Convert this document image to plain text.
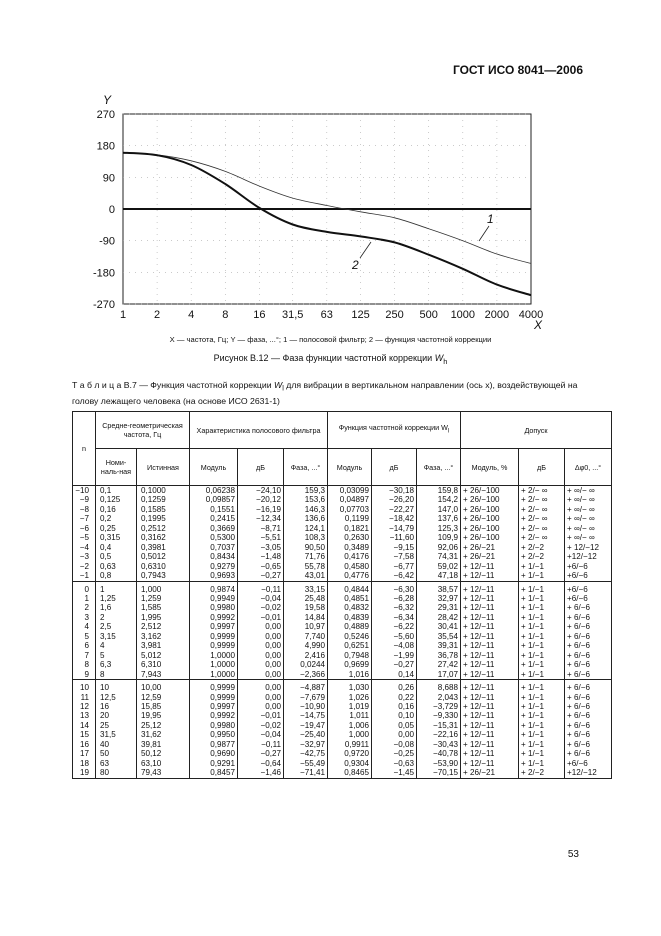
ГОСТ ИСО 8041—2006
270
180
90
0
-90
-180
-270
1	2	4	8 16 31,5 63 125 250 500 1000 2000 4000
Y
X
1
2
X — частота, Гц; Y — фаза, ...°; 1 — полосовой фильтр; 2 — функция частотной коррекции
Рисунок В.12 — Фаза функции частотной коррекции $W_h$
Т а б л и ц а В.7 — Функция частотной коррекции $W_l$ для вибрации в вертикальном направлении (ось x), воздействующей на голову лежащего человека (на основе ИСО 2631-1)
n	Средне-геометрическая частота, Гц		Характеристика полосового фильтра			Функция частотной коррекции $W_l$			Допуск		
	Номи-наль-ная	Истинная	Модуль	дБ	Фаза, ...°	Модуль	дБ	Фаза, ...°	Модуль, %	дБ	Δφ0, ...°
−10	0,1	0,1000	0,06238	−24,10	159,3	0,03099	−30,18	159,8	+ 26/−100	+ 2/− ∞	+ ∞/− ∞
−9	0,125	0,1259	0,09857	−20,12	153,6	0,04897	−26,20	154,2	+ 26/−100	+ 2/− ∞	+ ∞/− ∞
−8	0,16	0,1585	0,1551	−16,19	146,3	0,07703	−22,27	147,0	+ 26/−100	+ 2/− ∞	+ ∞/− ∞
−7	0,2	0,1995	0,2415	−12,34	136,6	0,1199	−18,42	137,6	+ 26/−100	+ 2/− ∞	+ ∞/− ∞
−6	0,25	0,2512	0,3669	−8,71	124,1	0,1821	−14,79	125,3	+ 26/−100	+ 2/− ∞	+ ∞/− ∞
−5	0,315	0,3162	0,5300	−5,51	108,3	0,2630	−11,60	109,9	+ 26/−100	+ 2/− ∞	+ ∞/− ∞
−4	0,4	0,3981	0,7037	−3,05	90,50	0,3489	−9,15	92,06	+ 26/−21	+ 2/−2	+ 12/−12
−3	0,5	0,5012	0,8434	−1,48	71,76	0,4176	−7,58	74,31	+ 26/−21	+ 2/−2	+12/−12
−2	0,63	0,6310	0,9279	−0,65	55,78	0,4580	−6,77	59,02	+ 12/−11	+ 1/−1	+6/−6
−1	0,8	0,7943	0,9693	−0,27	43,01	0,4776	−6,42	47,18	+ 12/−11	+ 1/−1	+6/−6
0	1	1,000	0,9874	−0,11	33,15	0,4844	−6,30	38,57	+ 12/−11	+ 1/−1	+6/−6
1	1,25	1,259	0,9949	−0,04	25,48	0,4851	−6,28	32,97	+ 12/−11	+ 1/−1	+6/−6
2	1,6	1,585	0,9980	−0,02	19,58	0,4832	−6,32	29,31	+ 12/−11	+ 1/−1	+ 6/−6
3	2	1,995	0,9992	−0,01	14,84	0,4839	−6,34	28,42	+ 12/−11	+ 1/−1	+ 6/−6
4	2,5	2,512	0,9997	0,00	10,97	0,4889	−6,22	30,41	+ 12/−11	+ 1/−1	+ 6/−6
5	3,15	3,162	0,9999	0,00	7,740	0,5246	−5,60	35,54	+ 12/−11	+ 1/−1	+ 6/−6
6	4	3,981	0,9999	0,00	4,990	0,6251	−4,08	39,31	+ 12/−11	+ 1/−1	+ 6/−6
7	5	5,012	1,0000	0,00	2,416	0,7948	−1,99	36,78	+ 12/−11	+ 1/−1	+ 6/−6
8	6,3	6,310	1,0000	0,00	0,0244	0,9699	−0,27	27,42	+ 12/−11	+ 1/−1	+ 6/−6
9	8	7,943	1,0000	0,00	−2,366	1,016	0,14	17,07	+ 12/−11	+ 1/−1	+ 6/−6
10	10	10,00	0,9999	0,00	−4,887	1,030	0,26	8,688	+ 12/−11	+ 1/−1	+ 6/−6
11	12,5	12,59	0,9999	0,00	−7,679	1,026	0,22	2,043	+ 12/−11	+ 1/−1	+ 6/−6
12	16	15,85	0,9997	0,00	−10,90	1,019	0,16	−3,729	+ 12/−11	+ 1/−1	+ 6/−6
13	20	19,95	0,9992	−0,01	−14,75	1,011	0,10	−9,330	+ 12/−11	+ 1/−1	+ 6/−6
14	25	25,12	0,9980	−0,02	−19,47	1,006	0,05	−15,31	+ 12/−11	+ 1/−1	+ 6/−6
15	31,5	31,62	0,9950	−0,04	−25,40	1,000	0,00	−22,16	+ 12/−11	+ 1/−1	+ 6/−6
16	40	39,81	0,9877	−0,11	−32,97	0,9911	−0,08	−30,43	+ 12/−11	+ 1/−1	+ 6/−6
17	50	50,12	0,9690	−0,27	−42,75	0,9720	−0,25	−40,78	+ 12/−11	+ 1/−1	+ 6/−6
18	63	63,10	0,9291	−0,64	−55,49	0,9304	−0,63	−53,90	+ 12/−11	+ 1/−1	+6/−6
19	80	79,43	0,8457	−1,46	−71,41	0,8465	−1,45	−70,15	+ 26/−21	+ 2/−2	+12/−12
53
